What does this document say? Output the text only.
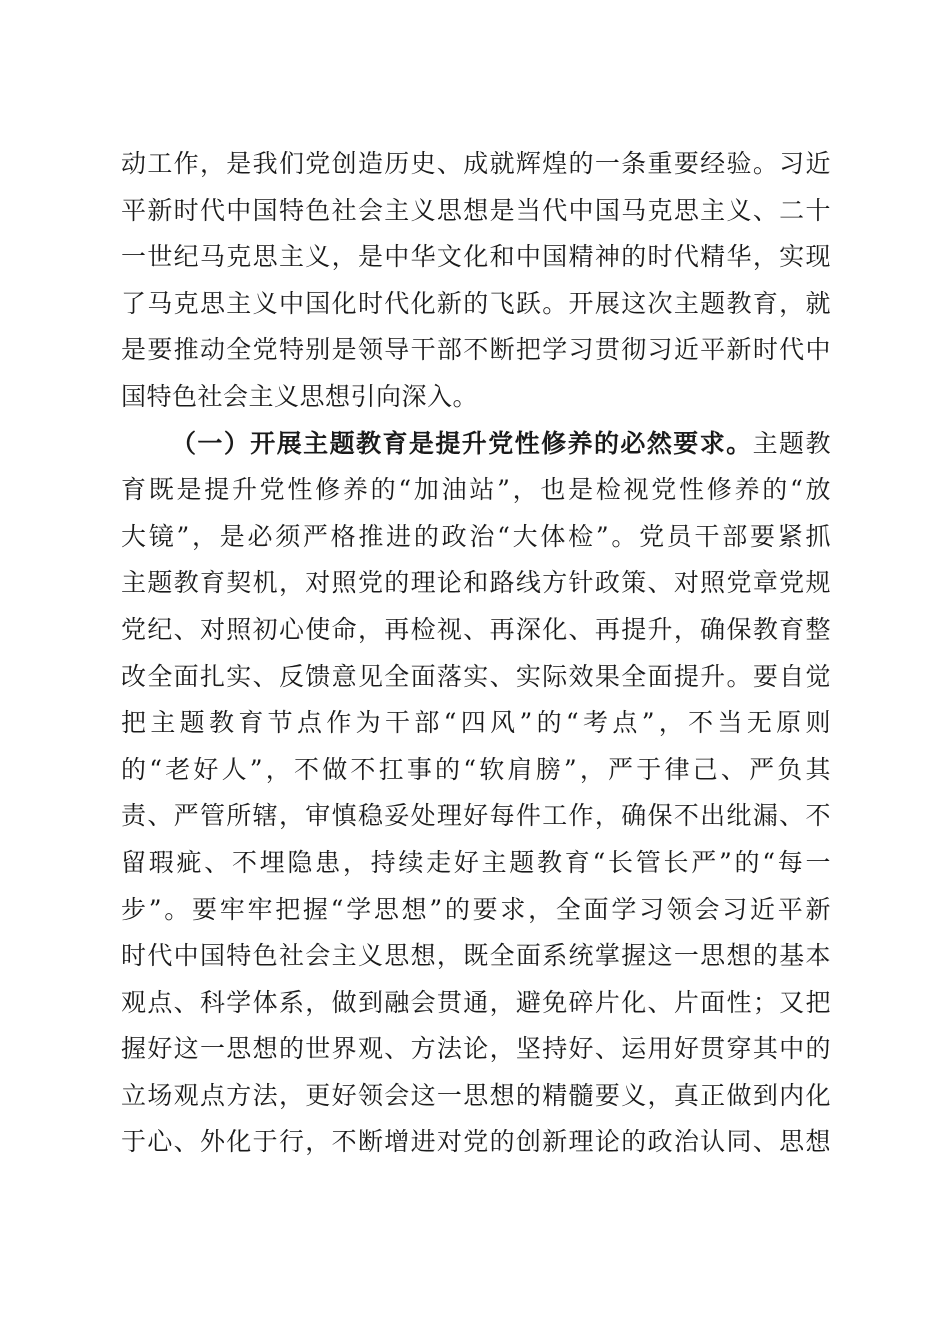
动工作，是我们党创造历史、成就辉煌的一条重要经验。习近
平新时代中国特色社会主义思想是当代中国马克思主义、二十
一世纪马克思主义，是中华文化和中国精神的时代精华，实现
了马克思主义中国化时代化新的飞跃。开展这次主题教育，就
是要推动全党特别是领导干部不断把学习贯彻习近平新时代中
国特色社会主义思想引向深入。
（一）开展主题教育是提升党性修养的必然要求。主题教
育既是提升党性修养的“加油站”，也是检视党性修养的“放
大镜”，是必须严格推进的政治“大体检”。党员干部要紧抓
主题教育契机，对照党的理论和路线方针政策、对照党章党规
党纪、对照初心使命，再检视、再深化、再提升，确保教育整
改全面扎实、反馈意见全面落实、实际效果全面提升。要自觉
把主题教育节点作为干部“四风”的“考点”，不当无原则
的“老好人”，不做不扛事的“软肩膀”，严于律己、严负其
责、严管所辖，审慎稳妥处理好每件工作，确保不出纰漏、不
留瑕疵、不埋隐患，持续走好主题教育“长管长严”的“每一
步”。要牢牢把握“学思想”的要求，全面学习领会习近平新
时代中国特色社会主义思想，既全面系统掌握这一思想的基本
观点、科学体系，做到融会贯通，避免碎片化、片面性；又把
握好这一思想的世界观、方法论，坚持好、运用好贯穿其中的
立场观点方法，更好领会这一思想的精髓要义，真正做到内化
于心、外化于行，不断增进对党的创新理论的政治认同、思想
